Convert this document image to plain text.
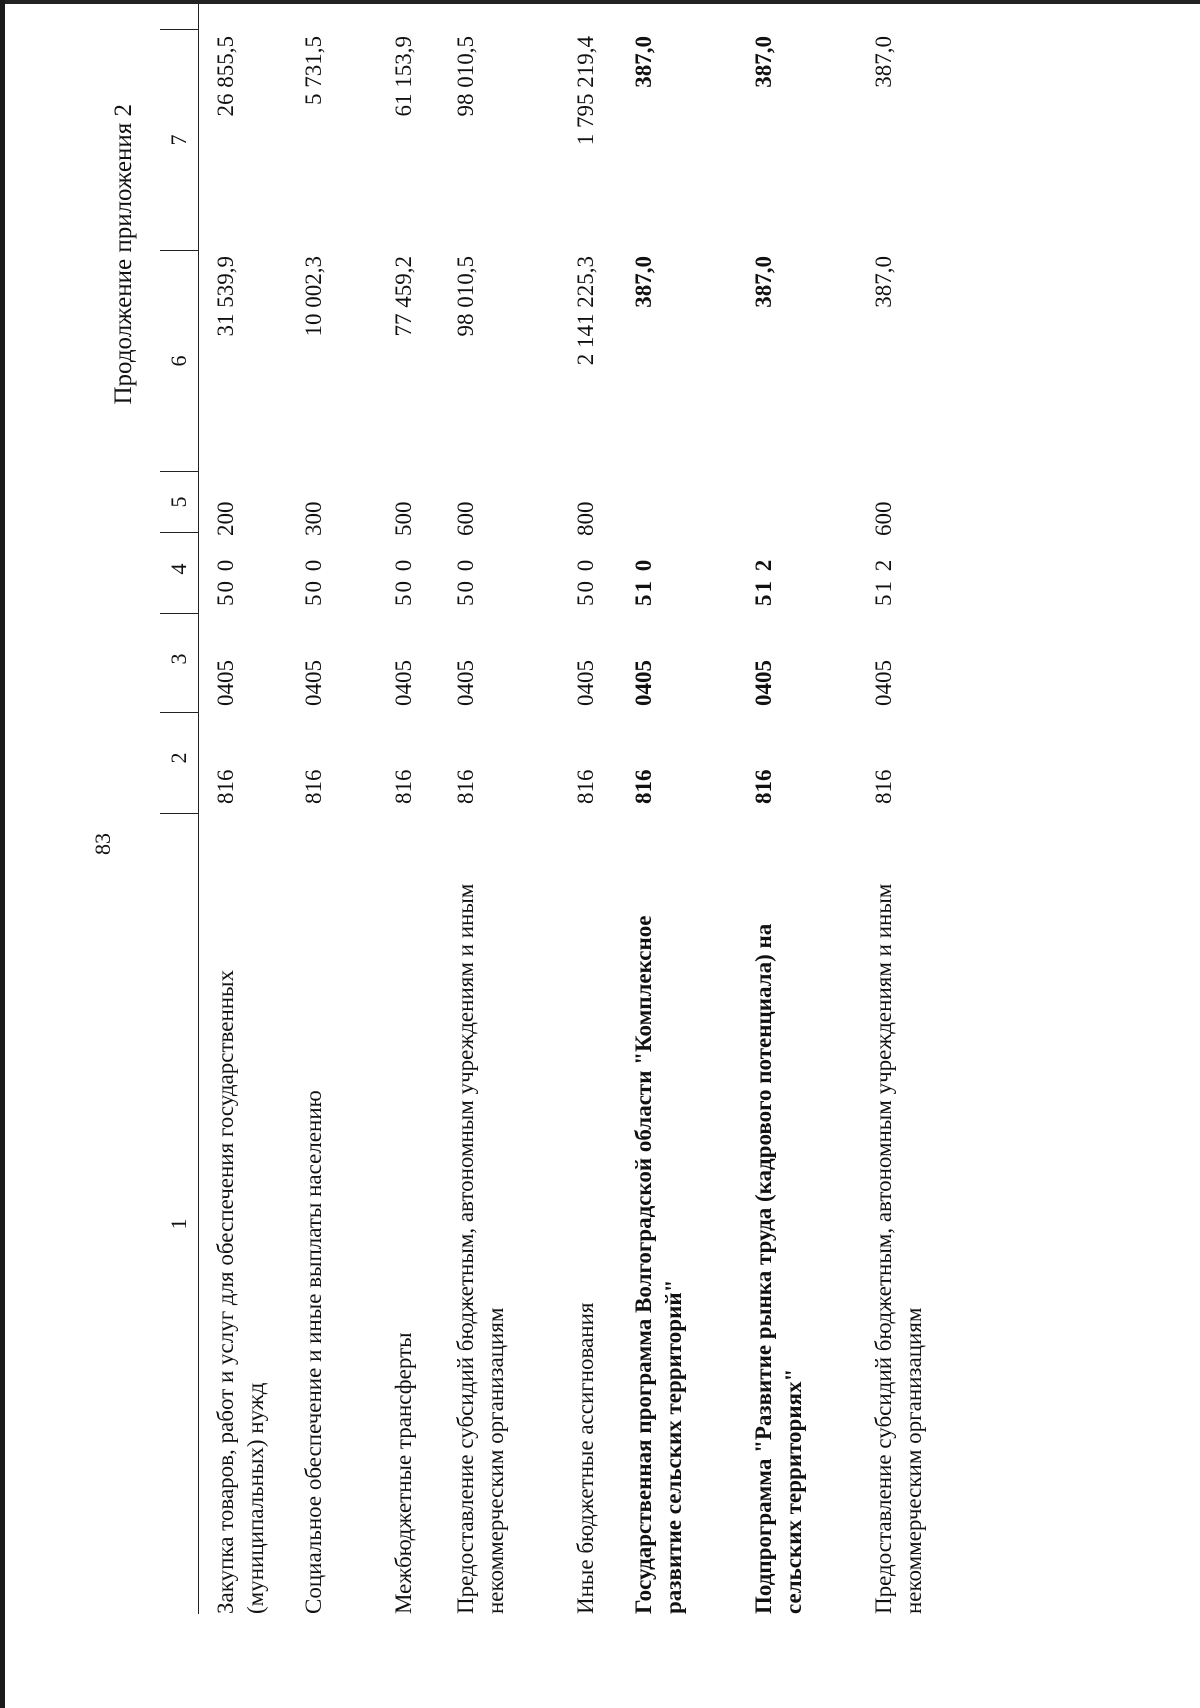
83
Продолжение приложения 2
1
2
3
4
5
6
7
Закупка товаров, работ и услуг для обеспечения государственных (муниципальных) нужд
816
0405
50 0
200
31 539,9
26 855,5
Социальное обеспечение и иные выплаты населению
816
0405
50 0
300
10 002,3
5 731,5
Межбюджетные трансферты
816
0405
50 0
500
77 459,2
61 153,9
Предоставление субсидий бюджетным, автономным учреждениям и иным некоммерческим организациям
816
0405
50 0
600
98 010,5
98 010,5
Иные бюджетные ассигнования
816
0405
50 0
800
2 141 225,3
1 795 219,4
Государственная программа Волгоградской области "Комплексное развитие сельских территорий"
816
0405
51 0
387,0
387,0
Подпрограмма "Развитие рынка труда (кадрового потенциала) на сельских территориях"
816
0405
51 2
387,0
387,0
Предоставление субсидий бюджетным, автономным учреждениям и иным некоммерческим организациям
816
0405
51 2
600
387,0
387,0
